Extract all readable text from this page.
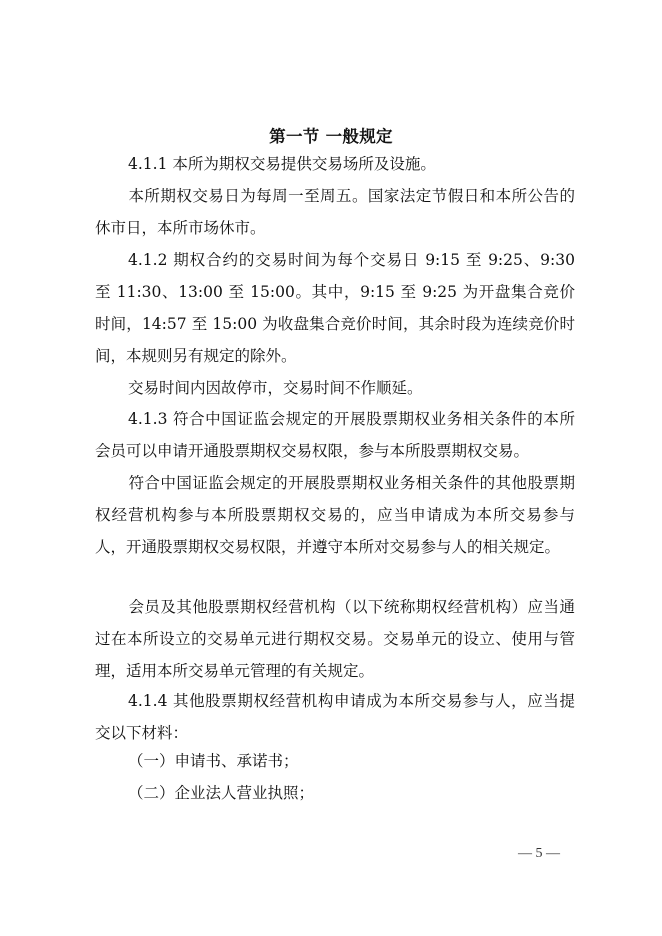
第一节 一般规定

4.1.1 本所为期权交易提供交易场所及设施。

本所期权交易日为每周一至周五。国家法定节假日和本所公告的休市日，本所市场休市。

4.1.2 期权合约的交易时间为每个交易日 9:15 至 9:25、9:30 至 11:30、13:00 至 15:00。其中，9:15 至 9:25 为开盘集合竞价时间，14:57 至 15:00 为收盘集合竞价时间，其余时段为连续竞价时间，本规则另有规定的除外。

交易时间内因故停市，交易时间不作顺延。

4.1.3 符合中国证监会规定的开展股票期权业务相关条件的本所会员可以申请开通股票期权交易权限，参与本所股票期权交易。

符合中国证监会规定的开展股票期权业务相关条件的其他股票期权经营机构参与本所股票期权交易的，应当申请成为本所交易参与人，开通股票期权交易权限，并遵守本所对交易参与人的相关规定。

会员及其他股票期权经营机构（以下统称期权经营机构）应当通过在本所设立的交易单元进行期权交易。交易单元的设立、使用与管理，适用本所交易单元管理的有关规定。

4.1.4 其他股票期权经营机构申请成为本所交易参与人，应当提交以下材料：

（一）申请书、承诺书；

（二）企业法人营业执照；

— 5 —
